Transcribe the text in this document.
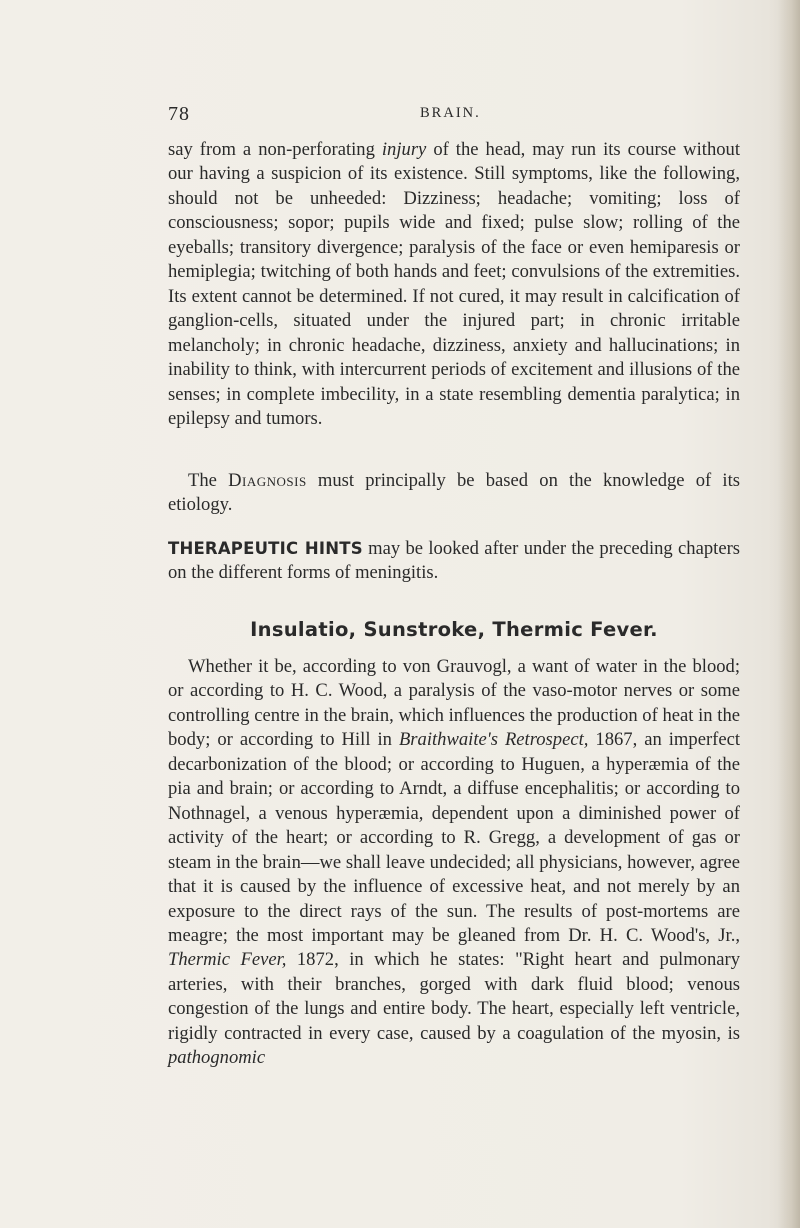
78	BRAIN.
say from a non-perforating injury of the head, may run its course without our having a suspicion of its existence. Still symptoms, like the following, should not be unheeded: Dizziness; headache; vomiting; loss of consciousness; sopor; pupils wide and fixed; pulse slow; rolling of the eyeballs; transitory divergence; paralysis of the face or even hemiparesis or hemiplegia; twitching of both hands and feet; convulsions of the extremities. Its extent cannot be determined. If not cured, it may result in calcification of ganglion-cells, situated under the injured part; in chronic irritable melancholy; in chronic headache, dizziness, anxiety and hallucinations; in inability to think, with intercurrent periods of excitement and illusions of the senses; in complete imbecility, in a state resembling dementia paralytica; in epilepsy and tumors.
The Diagnosis must principally be based on the knowledge of its etiology.
THERAPEUTIC HINTS may be looked after under the preceding chapters on the different forms of meningitis.
Insulatio, Sunstroke, Thermic Fever.
Whether it be, according to von Grauvogl, a want of water in the blood; or according to H. C. Wood, a paralysis of the vaso-motor nerves or some controlling centre in the brain, which influences the production of heat in the body; or according to Hill in Braithwaite's Retrospect, 1867, an imperfect decarbonization of the blood; or according to Huguen, a hyperæmia of the pia and brain; or according to Arndt, a diffuse encephalitis; or according to Nothnagel, a venous hyperæmia, dependent upon a diminished power of activity of the heart; or according to R. Gregg, a development of gas or steam in the brain—we shall leave undecided; all physicians, however, agree that it is caused by the influence of excessive heat, and not merely by an exposure to the direct rays of the sun. The results of post-mortems are meagre; the most important may be gleaned from Dr. H. C. Wood's, Jr., Thermic Fever, 1872, in which he states: "Right heart and pulmonary arteries, with their branches, gorged with dark fluid blood; venous congestion of the lungs and entire body. The heart, especially left ventricle, rigidly contracted in every case, caused by a coagulation of the myosin, is pathognomic
